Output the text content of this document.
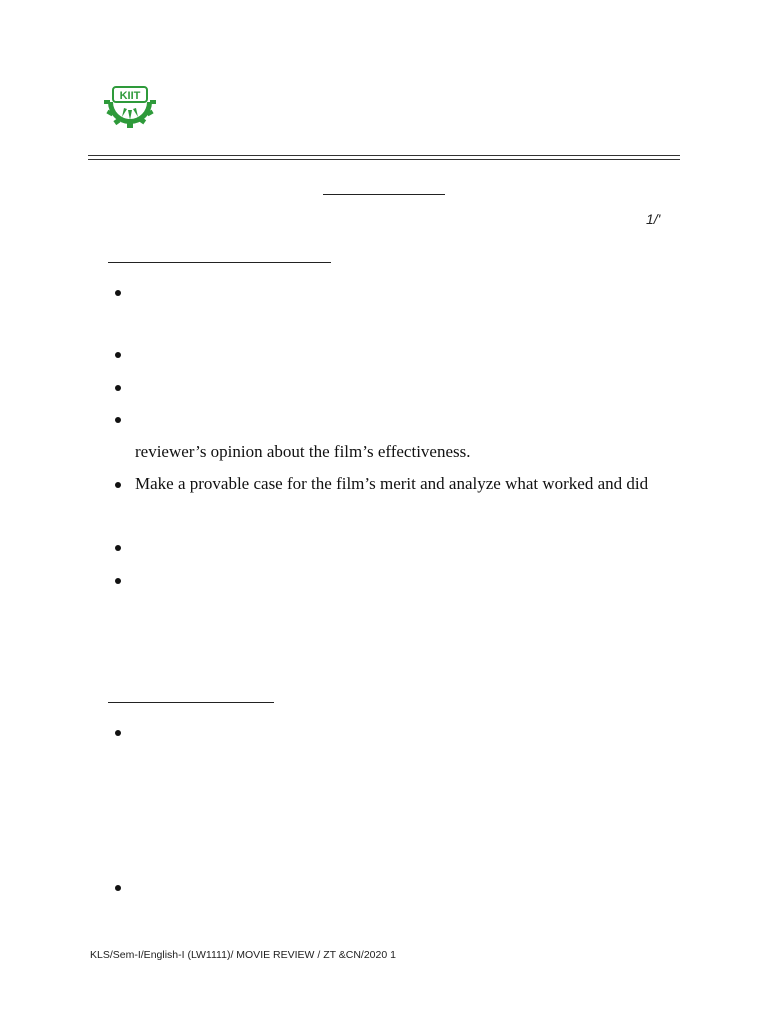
KIIT
1/'
reviewer’s opinion about the film’s effectiveness.
Make a provable case for the film’s merit and analyze what worked and did
KLS/Sem-I/English-I (LW1111)/ MOVIE REVIEW / ZT &CN/2020 1
